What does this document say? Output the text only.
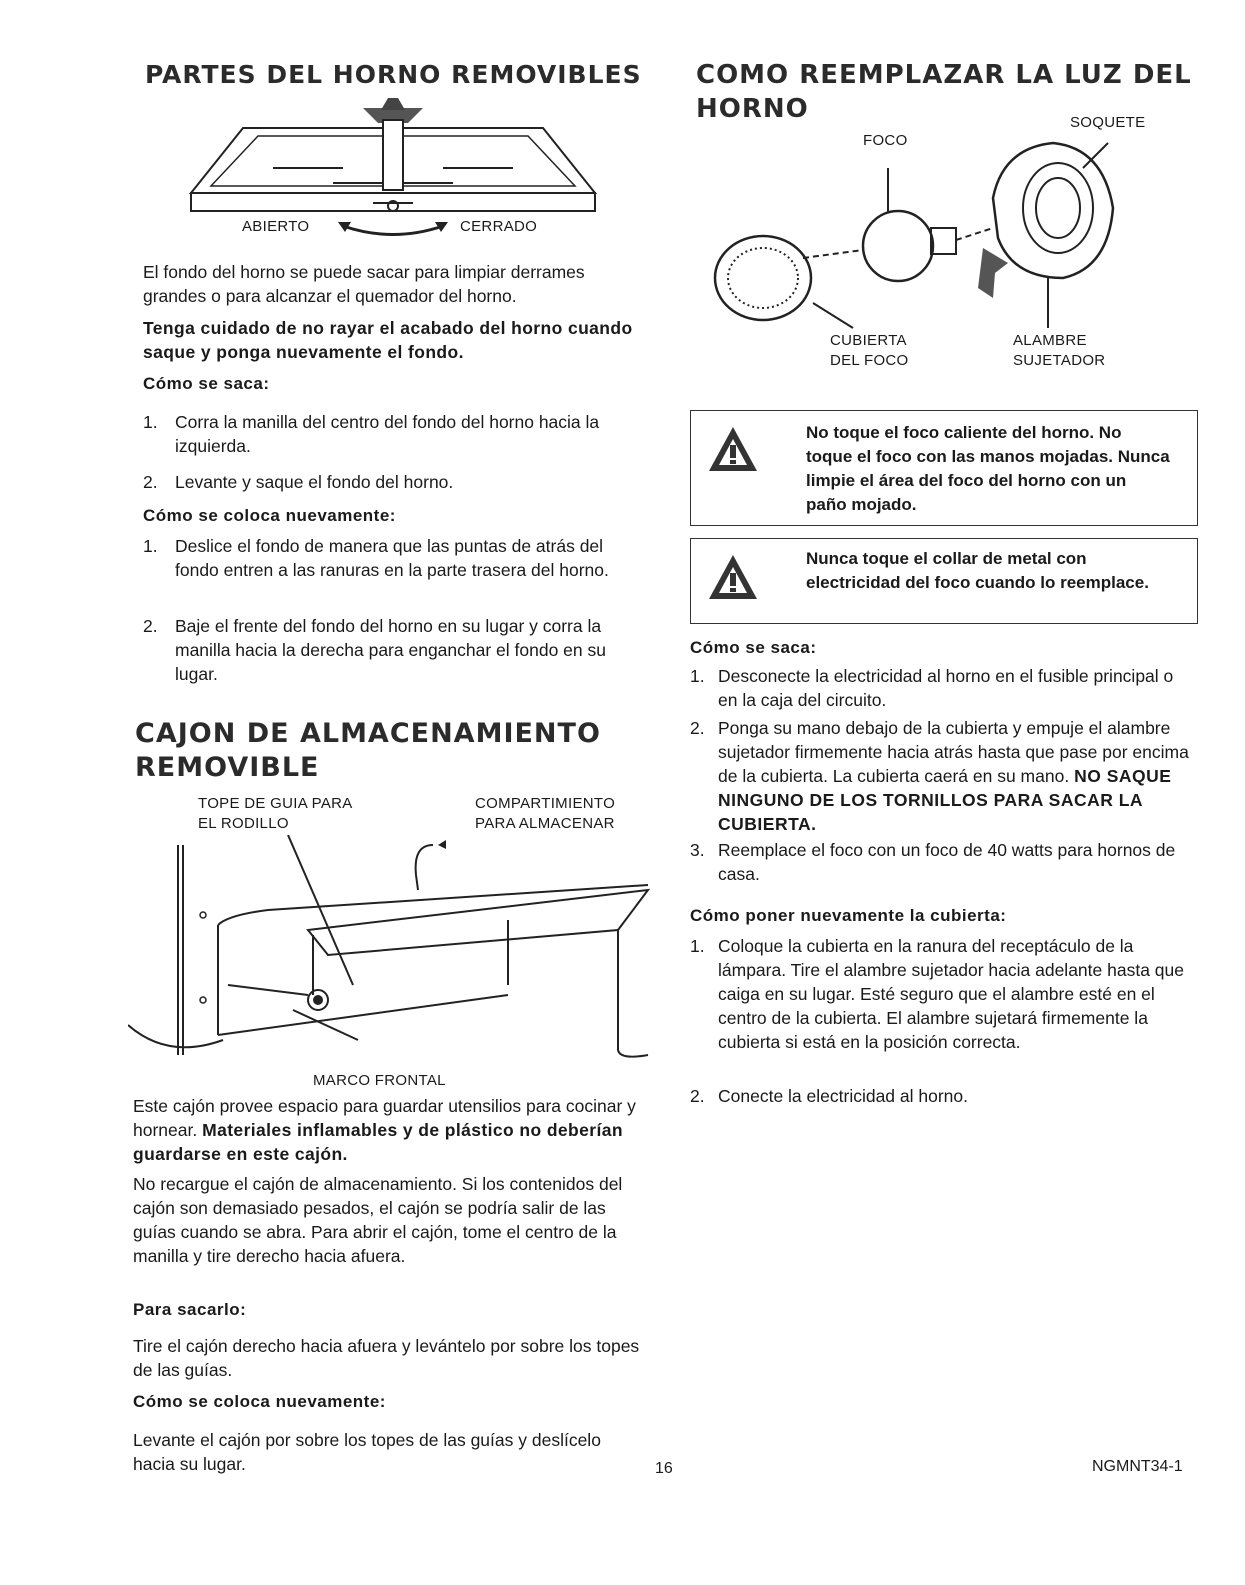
PARTES DEL HORNO REMOVIBLES
ABIERTO	CERRADO

El fondo del horno se puede sacar para limpiar derrames grandes o para alcanzar el quemador del horno.

Tenga cuidado de no rayar el acabado del horno cuando saque y ponga nuevamente el fondo.

Cómo se saca:

1. Corra la manilla del centro del fondo del horno hacia la izquierda.
2. Levante y saque el fondo del horno.

Cómo se coloca nuevamente:

1. Deslice el fondo de manera que las puntas de atrás del fondo entren a las ranuras en la parte trasera del horno.
2. Baje el frente del fondo del horno en su lugar y corra la manilla hacia la derecha para enganchar el fondo en su lugar.
CAJON DE ALMACENAMIENTO
REMOVIBLE
TOPE DE GUIA PARA
EL RODILLO
COMPARTIMIENTO
PARA ALMACENAR
MARCO FRONTAL

Este cajón provee espacio para guardar utensilios para cocinar y hornear. Materiales inflamables y de plástico no deberían guardarse en este cajón.

No recargue el cajón de almacenamiento. Si los contenidos del cajón son demasiado pesados, el cajón se podría salir de las guías cuando se abra. Para abrir el cajón, tome el centro de la manilla y tire derecho hacia afuera.

Para sacarlo:

Tire el cajón derecho hacia afuera y levántelo por sobre los topes de las guías.

Cómo se coloca nuevamente:

Levante el cajón por sobre los topes de las guías y deslícelo hacia su lugar.

COMO REEMPLAZAR LA LUZ DEL
HORNO	SOQUETE
FOCO
CUBIERTA
DEL FOCO
ALAMBRE
SUJETADOR
No toque el foco caliente del horno. No toque el foco con las manos mojadas. Nunca limpie el área del foco del horno con un paño mojado.
Nunca toque el collar de metal con electricidad del foco cuando lo reemplace.

Cómo se saca:

1. Desconecte la electricidad al horno en el fusible principal o en la caja del circuito.
2. Ponga su mano debajo de la cubierta y empuje el alambre sujetador firmemente hacia atrás hasta que pase por encima de la cubierta. La cubierta caerá en su mano. NO SAQUE NINGUNO DE LOS TORNILLOS PARA SACAR LA CUBIERTA.
3. Reemplace el foco con un foco de 40 watts para hornos de casa.

Cómo poner nuevamente la cubierta:

1. Coloque la cubierta en la ranura del receptáculo de la lámpara. Tire el alambre sujetador hacia adelante hasta que caiga en su lugar. Esté seguro que el alambre esté en el centro de la cubierta. El alambre sujetará firmemente la cubierta si está en la posición correcta.
2. Conecte la electricidad al horno.
16	NGMNT34-1
